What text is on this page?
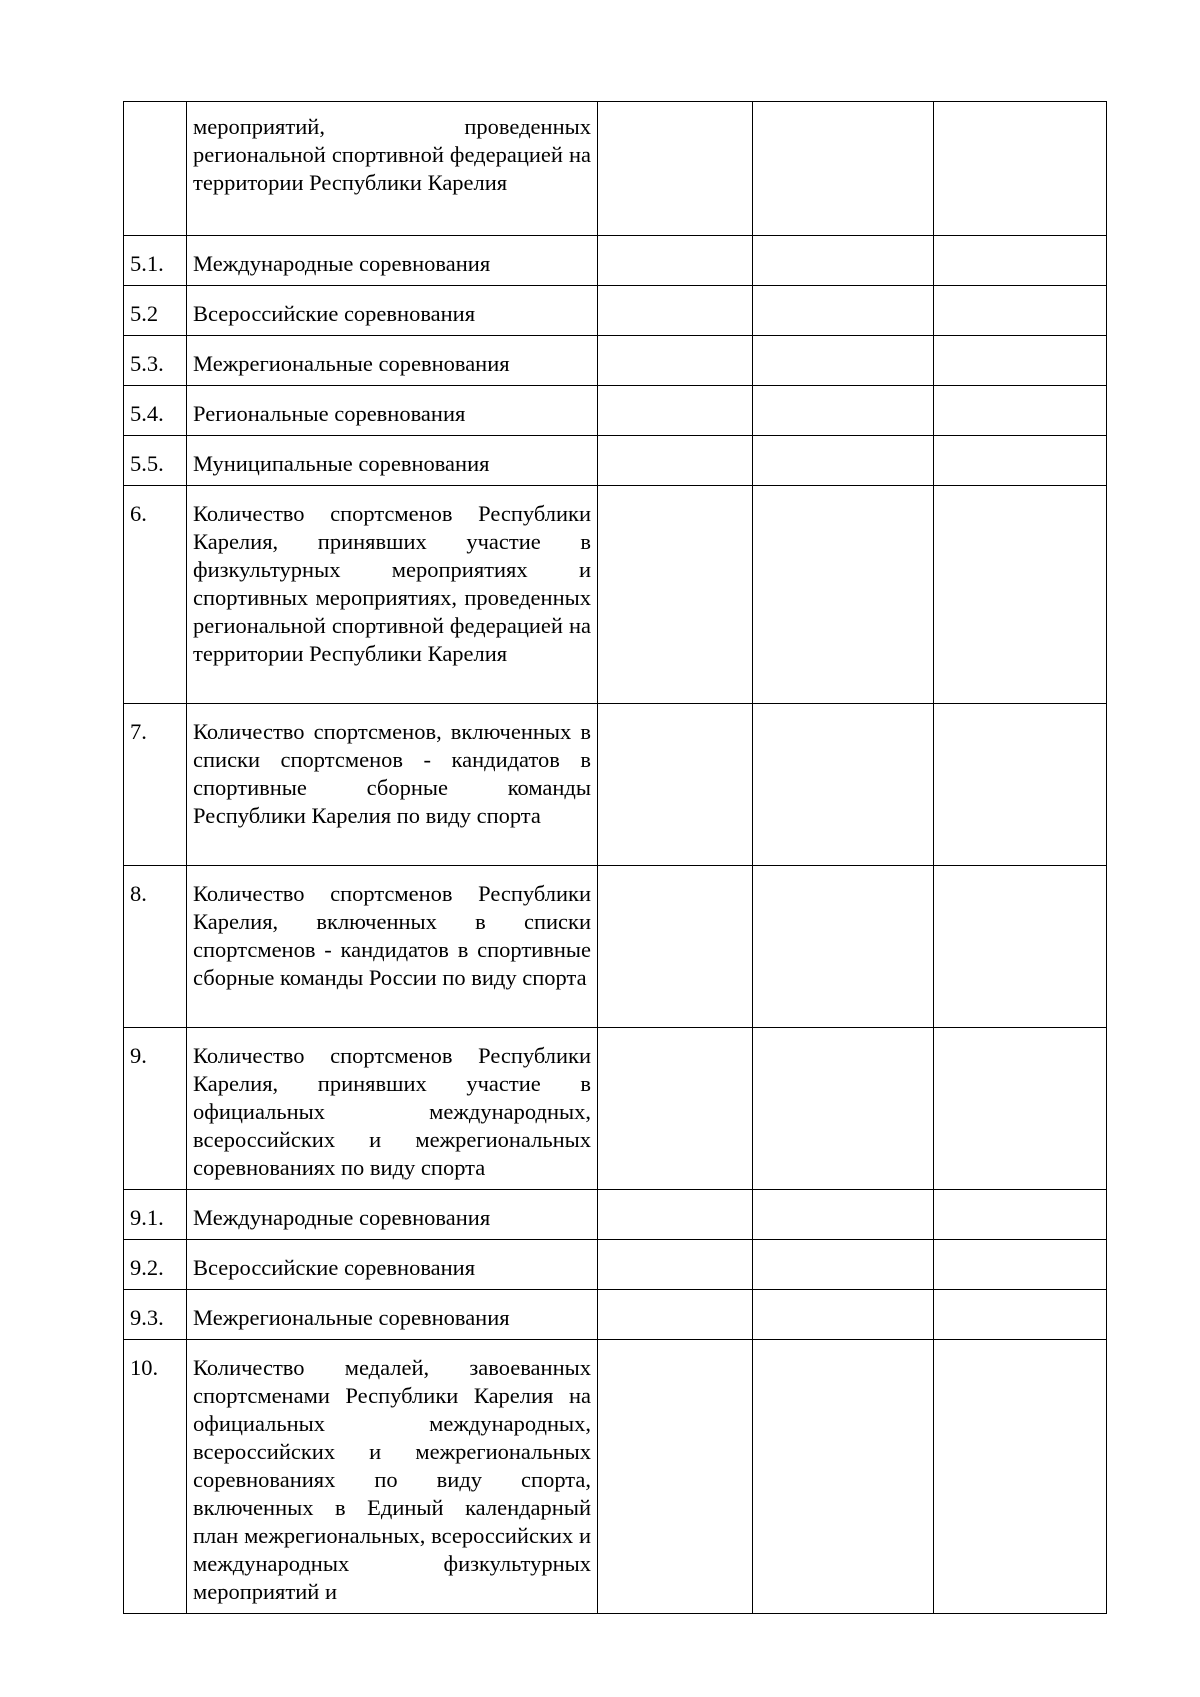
	мероприятий, проведенных региональной спортивной федерацией на территории Республики Карелия			
5.1.	Международные соревнования			
5.2	Всероссийские соревнования			
5.3.	Межрегиональные соревнования			
5.4.	Региональные соревнования			
5.5.	Муниципальные соревнования			
6.	Количество спортсменов Республики Карелия, принявших участие в физкультурных мероприятиях и спортивных мероприятиях, проведенных региональной спортивной федерацией на территории Республики Карелия			
7.	Количество спортсменов, включенных в списки спортсменов - кандидатов в спортивные сборные команды Республики Карелия по виду спорта			
8.	Количество спортсменов Республики Карелия, включенных в списки спортсменов - кандидатов в спортивные сборные команды России по виду спорта			
9.	Количество спортсменов Республики Карелия, принявших участие в официальных международных, всероссийских и межрегиональных соревнованиях по виду спорта			
9.1.	Международные соревнования			
9.2.	Всероссийские соревнования			
9.3.	Межрегиональные соревнования			
10.	Количество медалей, завоеванных спортсменами Республики Карелия на официальных международных, всероссийских и межрегиональных соревнованиях по виду спорта, включенных в Единый календарный план межрегиональных, всероссийских и международных физкультурных мероприятий и			
